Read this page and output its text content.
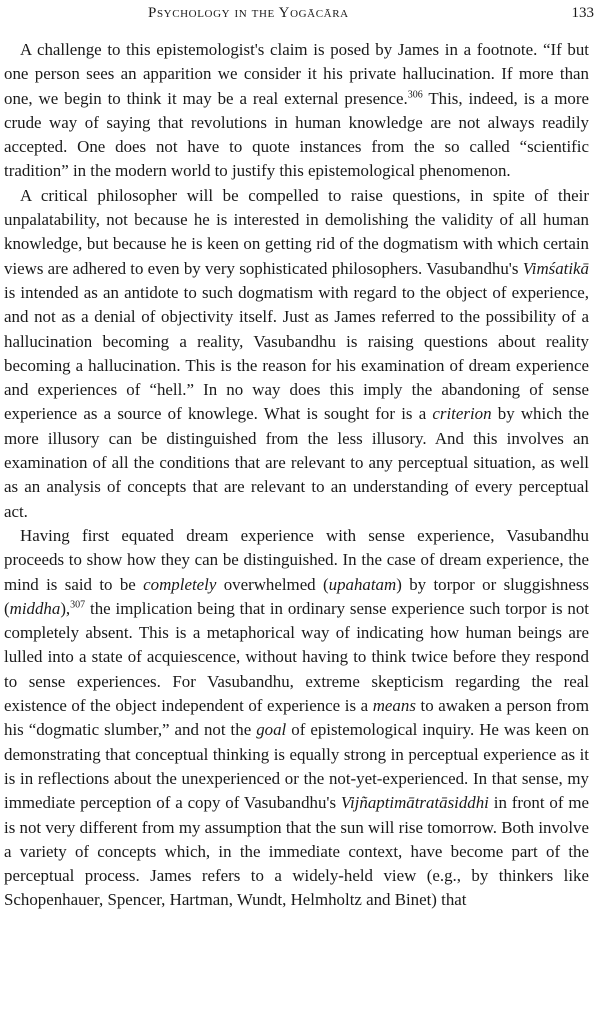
Psychology in the Yogācāra	133

A challenge to this epistemologist's claim is posed by James in a footnote. “If but one person sees an apparition we consider it his private hallucination. If more than one, we begin to think it may be a real external presence.$^{306}$ This, indeed, is a more crude way of saying that revolutions in human knowledge are not always readily accepted. One does not have to quote instances from the so called “scientific tradition” in the modern world to justify this epistemological phenomenon.

A critical philosopher will be compelled to raise questions, in spite of their unpalatability, not because he is interested in demolishing the validity of all human knowledge, but because he is keen on getting rid of the dogmatism with which certain views are adhered to even by very sophisticated philosophers. Vasubandhu's Vimśatikā is intended as an antidote to such dogmatism with regard to the object of experience, and not as a denial of objectivity itself. Just as James referred to the possibility of a hallucination becoming a reality, Vasubandhu is raising questions about reality becoming a hallucination. This is the reason for his examination of dream experience and experiences of “hell.” In no way does this imply the abandoning of sense experience as a source of knowlege. What is sought for is a criterion by which the more illusory can be distinguished from the less illusory. And this involves an examination of all the conditions that are relevant to any perceptual situation, as well as an analysis of concepts that are relevant to an understanding of every perceptual act.

Having first equated dream experience with sense experience, Vasubandhu proceeds to show how they can be distinguished. In the case of dream experience, the mind is said to be completely overwhelmed (upahatam) by torpor or sluggishness (middha),$^{307}$ the implication being that in ordinary sense experience such torpor is not completely absent. This is a metaphorical way of indicating how human beings are lulled into a state of acquiescence, without having to think twice before they respond to sense experiences. For Vasubandhu, extreme skepticism regarding the real existence of the object independent of experience is a means to awaken a person from his “dogmatic slumber,” and not the goal of epistemological inquiry. He was keen on demonstrating that conceptual thinking is equally strong in perceptual experience as it is in reflections about the unexperienced or the not-yet-experienced. In that sense, my immediate perception of a copy of Vasubandhu's Vijñaptimātratāsiddhi in front of me is not very different from my assumption that the sun will rise tomorrow. Both involve a variety of concepts which, in the immediate context, have become part of the perceptual process. James refers to a widely-held view (e.g., by thinkers like Schopenhauer, Spencer, Hartman, Wundt, Helmholtz and Binet) that
